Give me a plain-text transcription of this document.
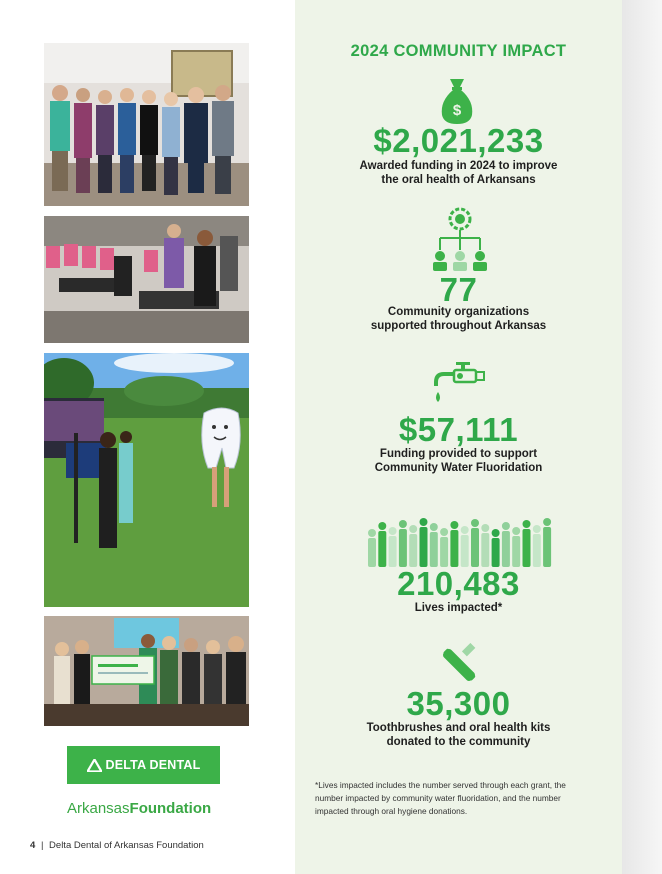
DELTA DENTAL
ArkansasFoundation
4 | Delta Dental of Arkansas Foundation
2024 COMMUNITY IMPACT
$
$2,021,233
Awarded funding in 2024 to improve
the oral health of Arkansans
77
Community organizations
supported throughout Arkansas
$57,111
Funding provided to support
Community Water Fluoridation
210,483
Lives impacted*
35,300
Toothbrushes and oral health kits
donated to the community
*Lives impacted includes the number served through each grant, the number impacted by community water fluoridation, and the number impacted through oral hygiene donations.
